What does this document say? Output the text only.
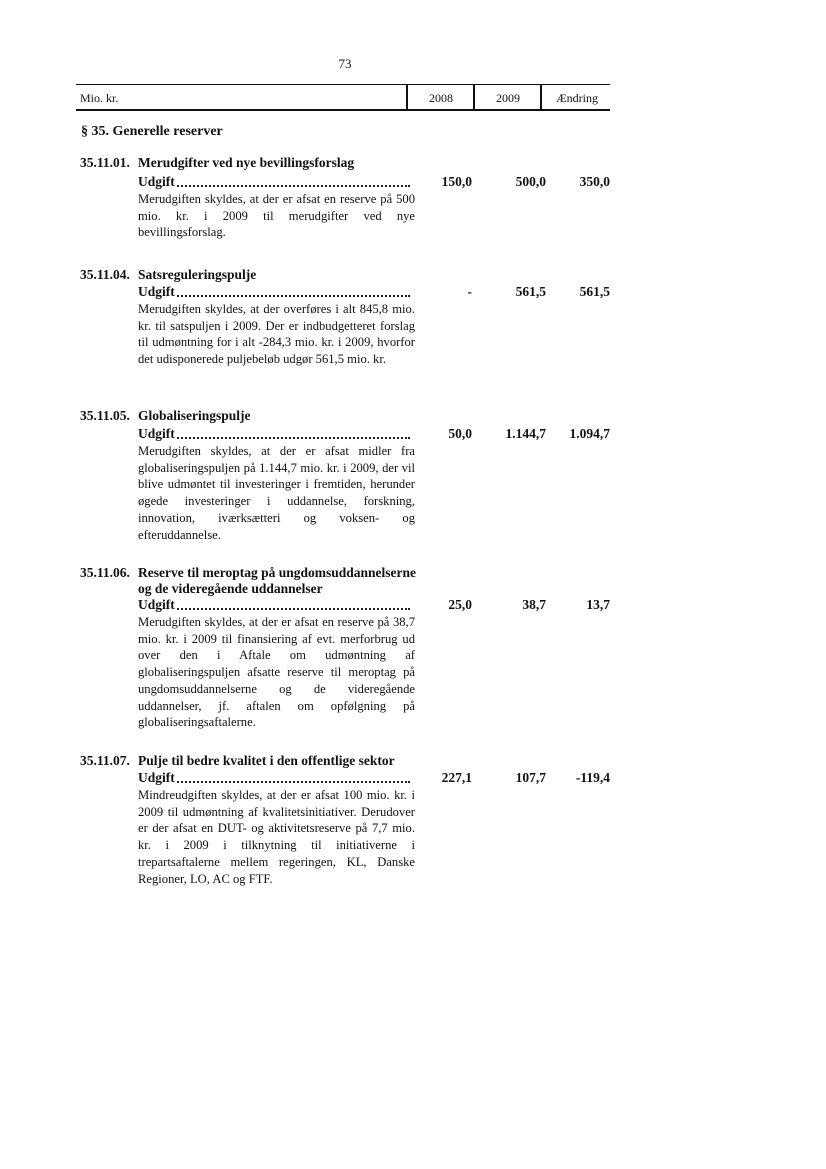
73
Mio. kr.	2008	2009	Ændring
§ 35. Generelle reserver
35.11.01. Merudgifter ved nye bevillingsforslag
Udgift	150,0	500,0	350,0
Merudgiften skyldes, at der er afsat en reserve på 500 mio. kr. i 2009 til merudgifter ved nye bevillingsforslag.
35.11.04. Satsreguleringspulje
Udgift	-	561,5	561,5
Merudgiften skyldes, at der overføres i alt 845,8 mio. kr. til satspuljen i 2009. Der er indbudgetteret forslag til udmøntning for i alt -284,3 mio. kr. i 2009, hvorfor det udisponerede puljebeløb udgør 561,5 mio. kr.
35.11.05. Globaliseringspulje
Udgift	50,0	1.144,7	1.094,7
Merudgiften skyldes, at der er afsat midler fra globaliseringspuljen på 1.144,7 mio. kr. i 2009, der vil blive udmøntet til investeringer i fremtiden, herunder øgede investeringer i uddannelse, forskning, innovation, iværksætteri og voksen- og efteruddannelse.
35.11.06. Reserve til meroptag på ungdomsuddannelserne og de videregående uddannelser
Udgift	25,0	38,7	13,7
Merudgiften skyldes, at der er afsat en reserve på 38,7 mio. kr. i 2009 til finansiering af evt. merforbrug ud over den i Aftale om udmøntning af globaliseringspuljen afsatte reserve til meroptag på ungdomsuddannelserne og de videregående uddannelser, jf. aftalen om opfølgning på globaliseringsaftalerne.
35.11.07. Pulje til bedre kvalitet i den offentlige sektor
Udgift	227,1	107,7	-119,4
Mindreudgiften skyldes, at der er afsat 100 mio. kr. i 2009 til udmøntning af kvalitetsinitiativer. Derudover er der afsat en DUT- og aktivitetsreserve på 7,7 mio. kr. i 2009 i tilknytning til initiativerne i trepartsaftalerne mellem regeringen, KL, Danske Regioner, LO, AC og FTF.
